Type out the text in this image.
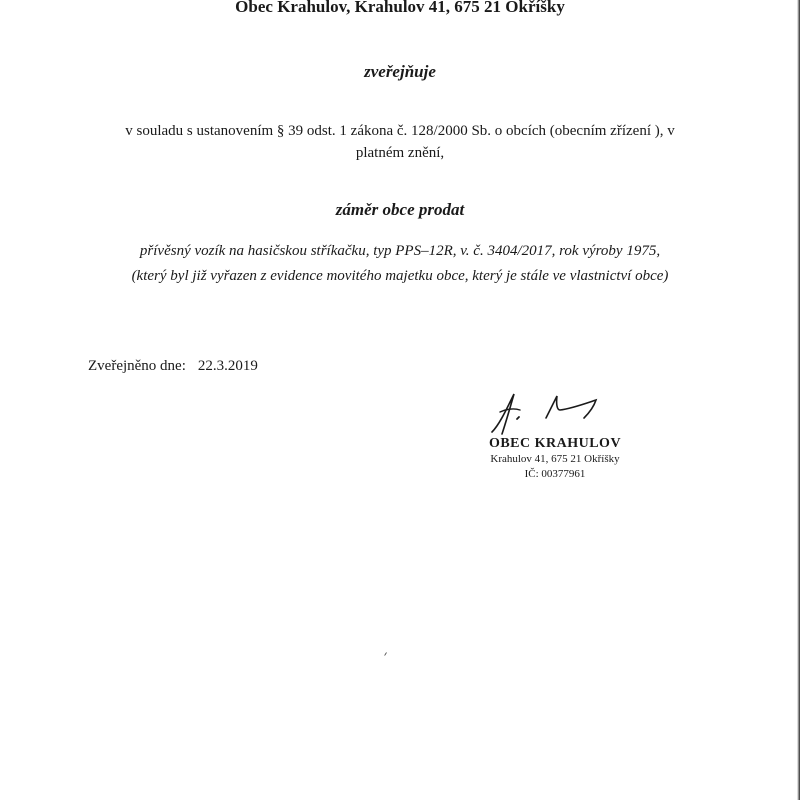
Obec Krahulov, Krahulov 41, 675 21 Okříšky
zveřejňuje
v souladu s ustanovením § 39 odst. 1 zákona č. 128/2000 Sb. o obcích (obecním zřízení ), v
platném znění,
záměr obce prodat
přívěsný vozík na hasičskou stříkačku, typ PPS–12R, v. č. 3404/2017, rok výroby 1975,
(který byl již vyřazen z evidence movitého majetku obce, který je stále ve vlastnictví obce)
Zveřejněno dne: 22.3.2019
OBEC KRAHULOV
Krahulov 41, 675 21 Okříšky
IČ: 00377961
